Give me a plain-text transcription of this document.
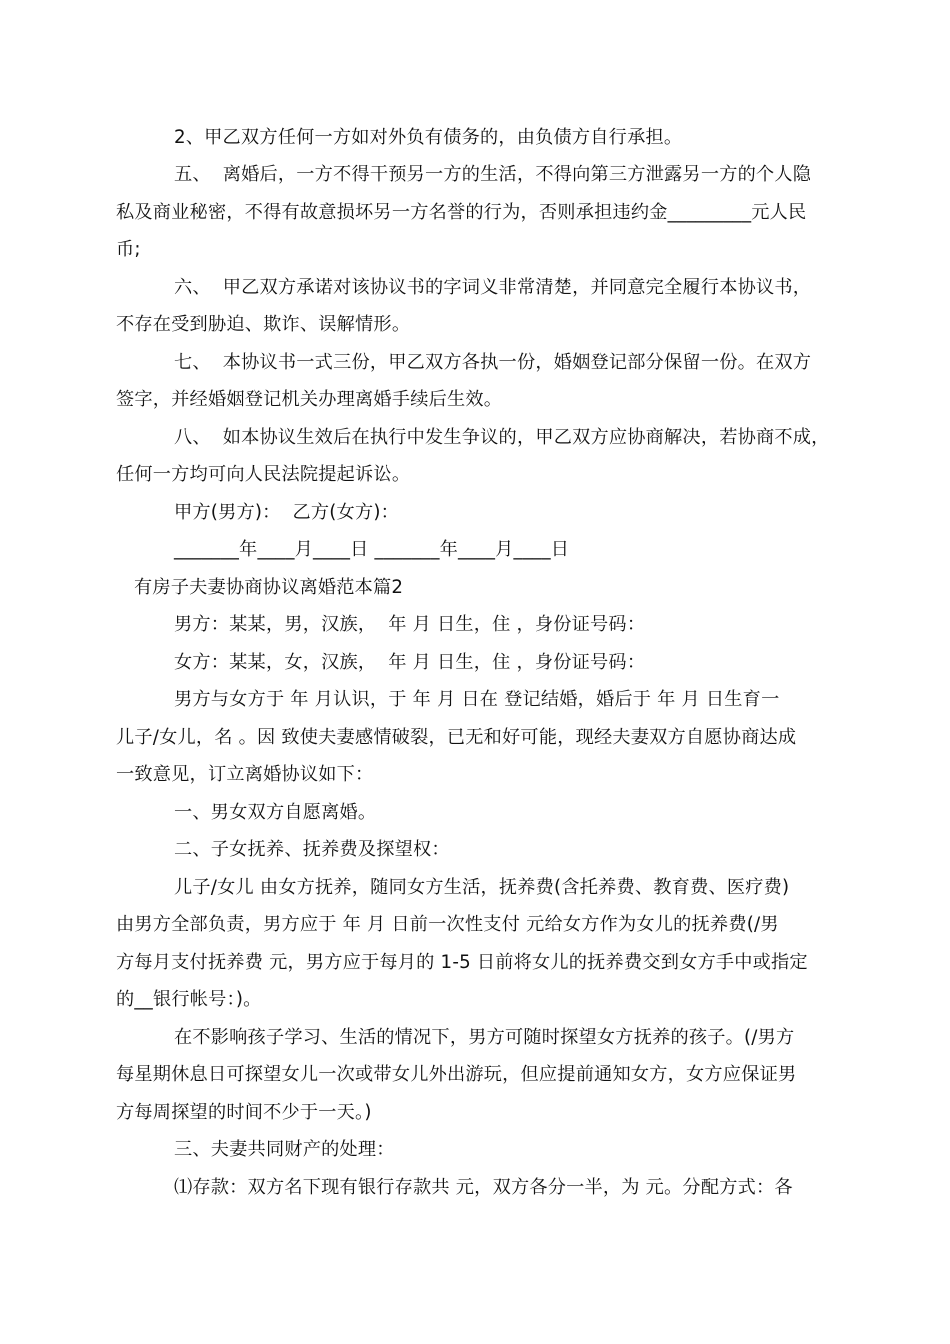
2、甲乙双方任何一方如对外负有债务的，由负债方自行承担。
五、  离婚后，一方不得干预另一方的生活，不得向第三方泄露另一方的个人隐
私及商业秘密，不得有故意损坏另一方名誉的行为，否则承担违约金_________元人民
币;
六、  甲乙双方承诺对该协议书的字词义非常清楚，并同意完全履行本协议书，
不存在受到胁迫、欺诈、误解情形。
七、  本协议书一式三份，甲乙双方各执一份，婚姻登记部分保留一份。在双方
签字，并经婚姻登记机关办理离婚手续后生效。
八、  如本协议生效后在执行中发生争议的，甲乙双方应协商解决，若协商不成，
任何一方均可向人民法院提起诉讼。
甲方(男方)：  乙方(女方)：
_______年____月____日 _______年____月____日
有房子夫妻协商协议离婚范本篇2
男方：某某，男，汉族，  年 月 日生，住 ，身份证号码：
女方：某某，女，汉族，  年 月 日生，住 ，身份证号码：
男方与女方于 年 月认识，于 年 月 日在 登记结婚，婚后于 年 月 日生育一
儿子/女儿，名 。因 致使夫妻感情破裂，已无和好可能，现经夫妻双方自愿协商达成
一致意见，订立离婚协议如下：
一、男女双方自愿离婚。
二、子女抚养、抚养费及探望权：
儿子/女儿 由女方抚养，随同女方生活，抚养费(含托养费、教育费、医疗费)
由男方全部负责，男方应于 年 月 日前一次性支付 元给女方作为女儿的抚养费(/男
方每月支付抚养费 元，男方应于每月的 1-5 日前将女儿的抚养费交到女方手中或指定
的__银行帐号：)。
在不影响孩子学习、生活的情况下，男方可随时探望女方抚养的孩子。(/男方
每星期休息日可探望女儿一次或带女儿外出游玩，但应提前通知女方，女方应保证男
方每周探望的时间不少于一天。)
三、夫妻共同财产的处理：
⑴存款：双方名下现有银行存款共 元，双方各分一半，为 元。分配方式：各
